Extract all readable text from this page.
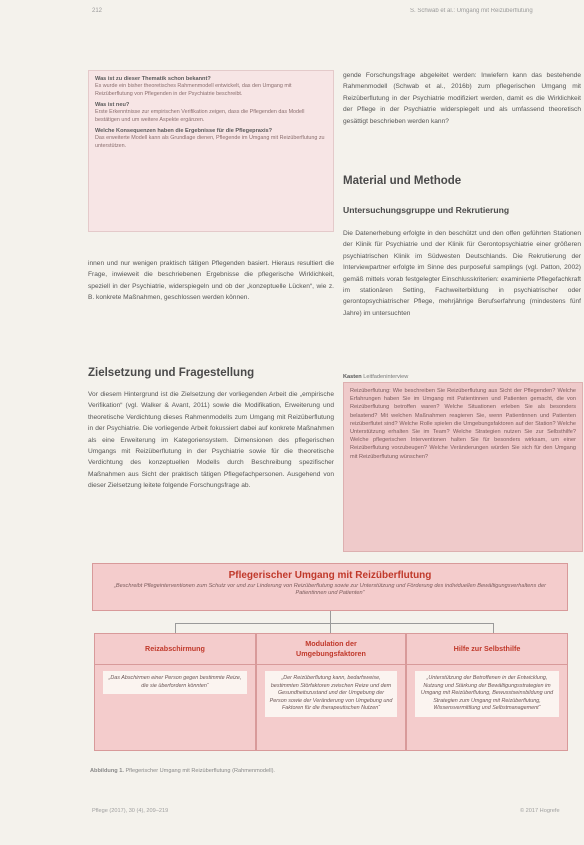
212	S. Schwab et al.: Umgang mit Reizüberflutung
Was ist zu dieser Thematik schon bekannt?

Es wurde ein bisher theoretisches Rahmenmodell entwickelt, das den Umgang mit Reizüberflutung von Pflegenden in der Psychiatrie beschreibt.

Was ist neu?

Erste Erkenntnisse zur empirischen Verifikation zeigen, dass die Pflegenden das Modell bestätigen und um weitere Aspekte ergänzen.

Welche Konsequenzen haben die Ergebnisse für die Pflegepraxis?

Das erweiterte Modell kann als Grundlage dienen, Pflegende im Umgang mit Reizüberflutung zu unterstützen.

innen und nur wenigen praktisch tätigen Pflegenden basiert. Hieraus resultiert die Frage, inwieweit die beschriebenen Ergebnisse die pflegerische Wirklichkeit, speziell in der Psychiatrie, widerspiegeln und ob der „konzeptuelle Lücken“, wie z. B. konkrete Maßnahmen, geschlossen werden können.
Zielsetzung und Fragestellung
Vor diesem Hintergrund ist die Zielsetzung der vorliegenden Arbeit die „empirische Verifikation“ (vgl. Walker & Avant, 2011) sowie die Modifikation, Erweiterung und theoretische Verdichtung dieses Rahmenmodells zum Umgang mit Reizüberflutung in der Psychiatrie. Die vorliegende Arbeit fokussiert dabei auf konkrete Maßnahmen als eine Erweiterung im Kategoriensystem. Dimensionen des pflegerischen Umgangs mit Reizüberflutung in der Psychiatrie sowie für die theoretische Verdichtung des konzeptuellen Modells durch Beschreibung spezifischer Maßnahmen aus Sicht der praktisch tätigen Pflegefachpersonen. Ausgehend von dieser Zielsetzung leitete folgende Forschungsfrage ab.
gende Forschungsfrage abgeleitet werden: Inwiefern kann das bestehende Rahmenmodell (Schwab et al., 2016b) zum pflegerischen Umgang mit Reizüberflutung in der Psychiatrie modifiziert werden, damit es die Wirklichkeit der Pflege in der Psychiatrie widerspiegelt und als umfassend theoretisch gesättigt beschrieben werden kann?
Material und Methode
Untersuchungsgruppe und Rekrutierung
Die Datenerhebung erfolgte in den beschützt und den offen geführten Stationen der Klinik für Psychiatrie und der Klinik für Gerontopsychiatrie einer größeren psychiatrischen Klinik im Südwesten Deutschlands. Die Rekrutierung der Interviewpartner erfolgte im Sinne des purposeful samplings (vgl. Patton, 2002) gemäß mittels vorab festgelegter Einschlusskriterien: examinierte Pflegefachkraft im stationären Setting, Fachweiterbildung in psychiatrischer oder gerontopsychiatrischer Pflege, mehrjährige Berufserfahrung (mindestens fünf Jahre) im untersuchten
Kasten Leitfadeninterview
Reizüberflutung: Wie beschreiben Sie Reizüberflutung aus Sicht der Pflegenden? Welche Erfahrungen haben Sie im Umgang mit Patientinnen und Patienten gemacht, die von Reizüberflutung betroffen waren? Welche Situationen erleben Sie als besonders belastend? Mit welchen Maßnahmen reagieren Sie, wenn Patientinnen und Patienten reizüberflutet sind? Welche Rolle spielen die Umgebungsfaktoren auf der Station? Welche Unterstützung erhalten Sie im Team? Welche Strategien nutzen Sie zur Selbsthilfe? Welche pflegerischen Interventionen halten Sie für besonders wirksam, um einer Reizüberflutung vorzubeugen? Welche Veränderungen würden Sie sich für den Umgang mit Reizüberflutung wünschen?
Pflegerischer Umgang mit Reizüberflutung
„Beschreibt Pflegeinterventionen zum Schutz vor und zur Linderung von Reizüberflutung sowie zur Unterstützung und Förderung des individuellen Bewältigungsverhaltens der Patientinnen und Patienten“
Reizabschirmung
„Das Abschirmen einer Person gegen bestimmte Reize, die sie überfordern könnten“
Modulation der Umgebungsfaktoren
„Der Reizüberflutung kann, bedarfsweise, bestimmten Störfaktoren zwischen Reize und dem Gesundheitszustand und der Umgebung der Person sowie der Veränderung von Umgebung und Faktoren für die therapeutischen Nutzen“
Hilfe zur Selbsthilfe
„Unterstützung der Betroffenen in der Entwicklung, Nutzung und Stärkung der Bewältigungsstrategien im Umgang mit Reizüberflutung, Bewusstseinsbildung und Strategien zum Umgang mit Reizüberflutung, Wissensvermittlung und Selbstmanagement“
Abbildung 1. Pflegerischer Umgang mit Reizüberflutung (Rahmenmodell).
Pflege (2017), 30 (4), 209–219	© 2017 Hogrefe
